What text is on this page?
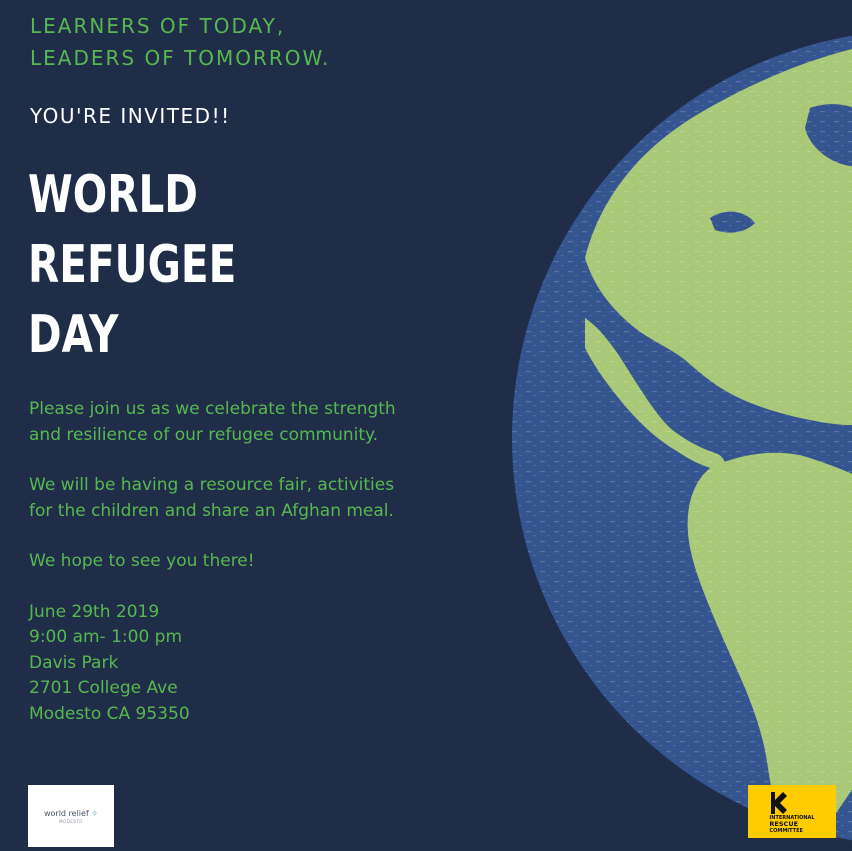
LEARNERS OF TODAY,
LEADERS OF TOMORROW.
YOU'RE INVITED!!
WORLD
REFUGEE
DAY

Please join us as we celebrate the strength and resilience of our refugee community.

We will be having a resource fair, activities for the children and share an Afghan meal.

We hope to see you there!

June 29th 2019

9:00 am- 1:00 pm

Davis Park

2701 College Ave

Modesto CA 95350

world relief ✧
MODESTO	INTERNATIONAL
RESCUE
COMMITTEE
